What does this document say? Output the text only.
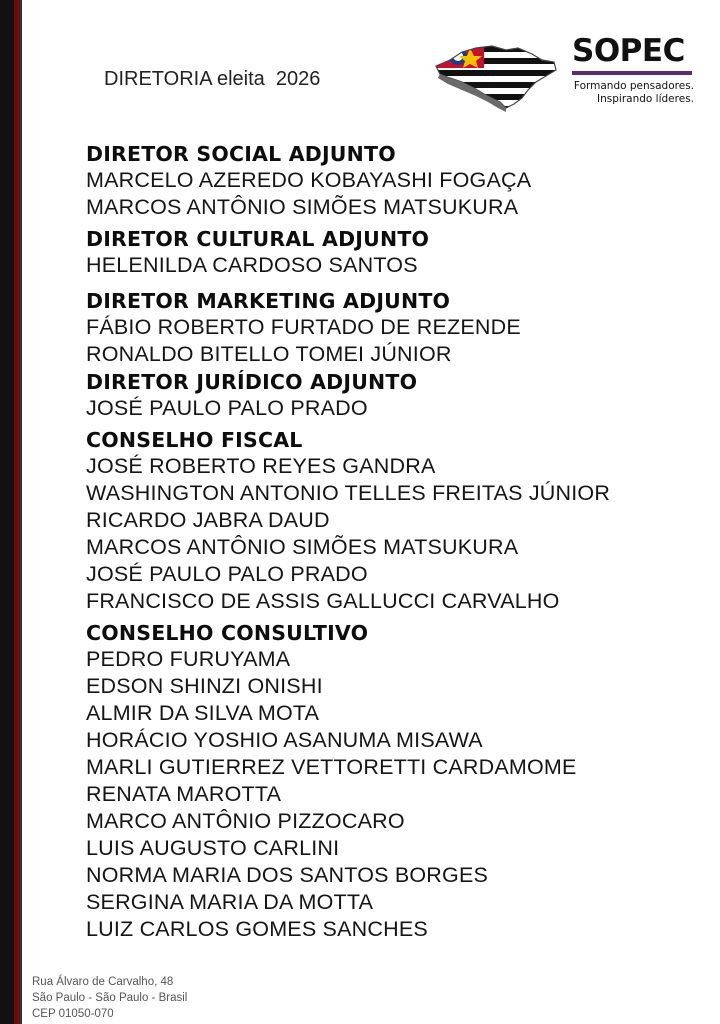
DIRETORIA eleita  2026
SOPEC
Formando pensadores.
Inspirando líderes.
DIRETOR SOCIAL ADJUNTO
MARCELO AZEREDO KOBAYASHI FOGAÇA
MARCOS ANTÔNIO SIMÕES MATSUKURA
DIRETOR CULTURAL ADJUNTO
HELENILDA CARDOSO SANTOS
DIRETOR MARKETING ADJUNTO
FÁBIO ROBERTO FURTADO DE REZENDE
RONALDO BITELLO TOMEI JÚNIOR
DIRETOR JURÍDICO ADJUNTO
JOSÉ PAULO PALO PRADO
CONSELHO FISCAL
JOSÉ ROBERTO REYES GANDRA
WASHINGTON ANTONIO TELLES FREITAS JÚNIOR
RICARDO JABRA DAUD
MARCOS ANTÔNIO SIMÕES MATSUKURA
JOSÉ PAULO PALO PRADO
FRANCISCO DE ASSIS GALLUCCI CARVALHO
CONSELHO CONSULTIVO
PEDRO FURUYAMA
EDSON SHINZI ONISHI
ALMIR DA SILVA MOTA
HORÁCIO YOSHIO ASANUMA MISAWA
MARLI GUTIERREZ VETTORETTI CARDAMOME
RENATA MAROTTA
MARCO ANTÔNIO PIZZOCARO
LUIS AUGUSTO CARLINI
NORMA MARIA DOS SANTOS BORGES
SERGINA MARIA DA MOTTA
LUIZ CARLOS GOMES SANCHES
Rua Álvaro de Carvalho, 48
São Paulo - São Paulo - Brasil
CEP 01050-070
